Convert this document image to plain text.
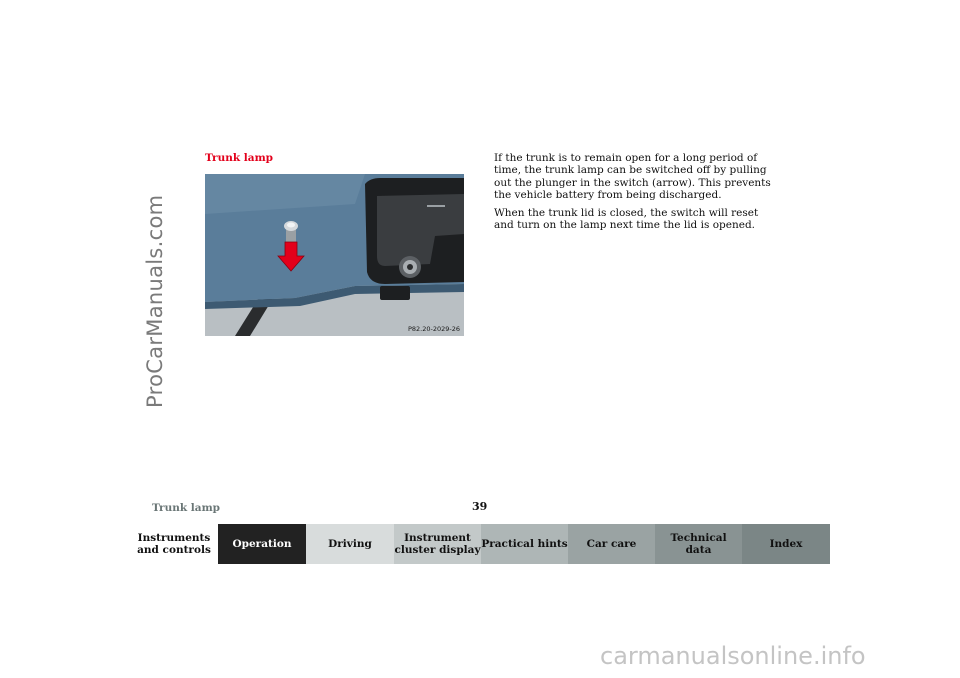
ProCarManuals.com
Trunk lamp
P82.20-2029-26

If the trunk is to remain open for a long period of time, the trunk lamp can be switched off by pulling out the plunger in the switch (arrow). This prevents the vehicle battery from being discharged.

When the trunk lid is closed, the switch will reset and turn on the lamp next time the lid is opened.

Trunk lamp	39
Instruments
and controls	Operation	Driving	Instrument
cluster display Practical hints	Car care	Technical
data	Index
carmanualsonline.info
